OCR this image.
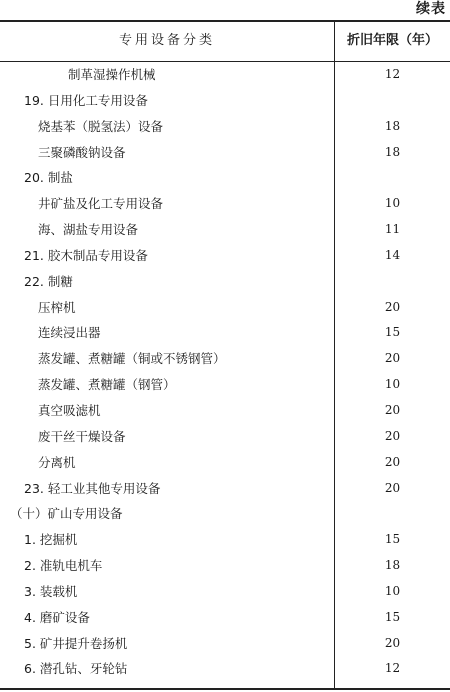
续表
专用设备分类	折旧年限（年）
制革湿操作机械	12
19. 日用化工专用设备
烧基苯（脱氢法）设备	18
三聚磷酸钠设备	18
20. 制盐
井矿盐及化工专用设备	10
海、湖盐专用设备	11
21. 胶木制品专用设备	14
22. 制糖
压榨机	20
连续浸出器	15
蒸发罐、煮糖罐（铜或不锈钢管）	20
蒸发罐、煮糖罐（钢管）	10
真空吸滤机	20
废干丝干燥设备	20
分离机	20
23. 轻工业其他专用设备	20
（十）矿山专用设备
1. 挖掘机	15
2. 准轨电机车	18
3. 装载机	10
4. 磨矿设备	15
5. 矿井提升卷扬机	20
6. 潜孔钻、牙轮钻	12
